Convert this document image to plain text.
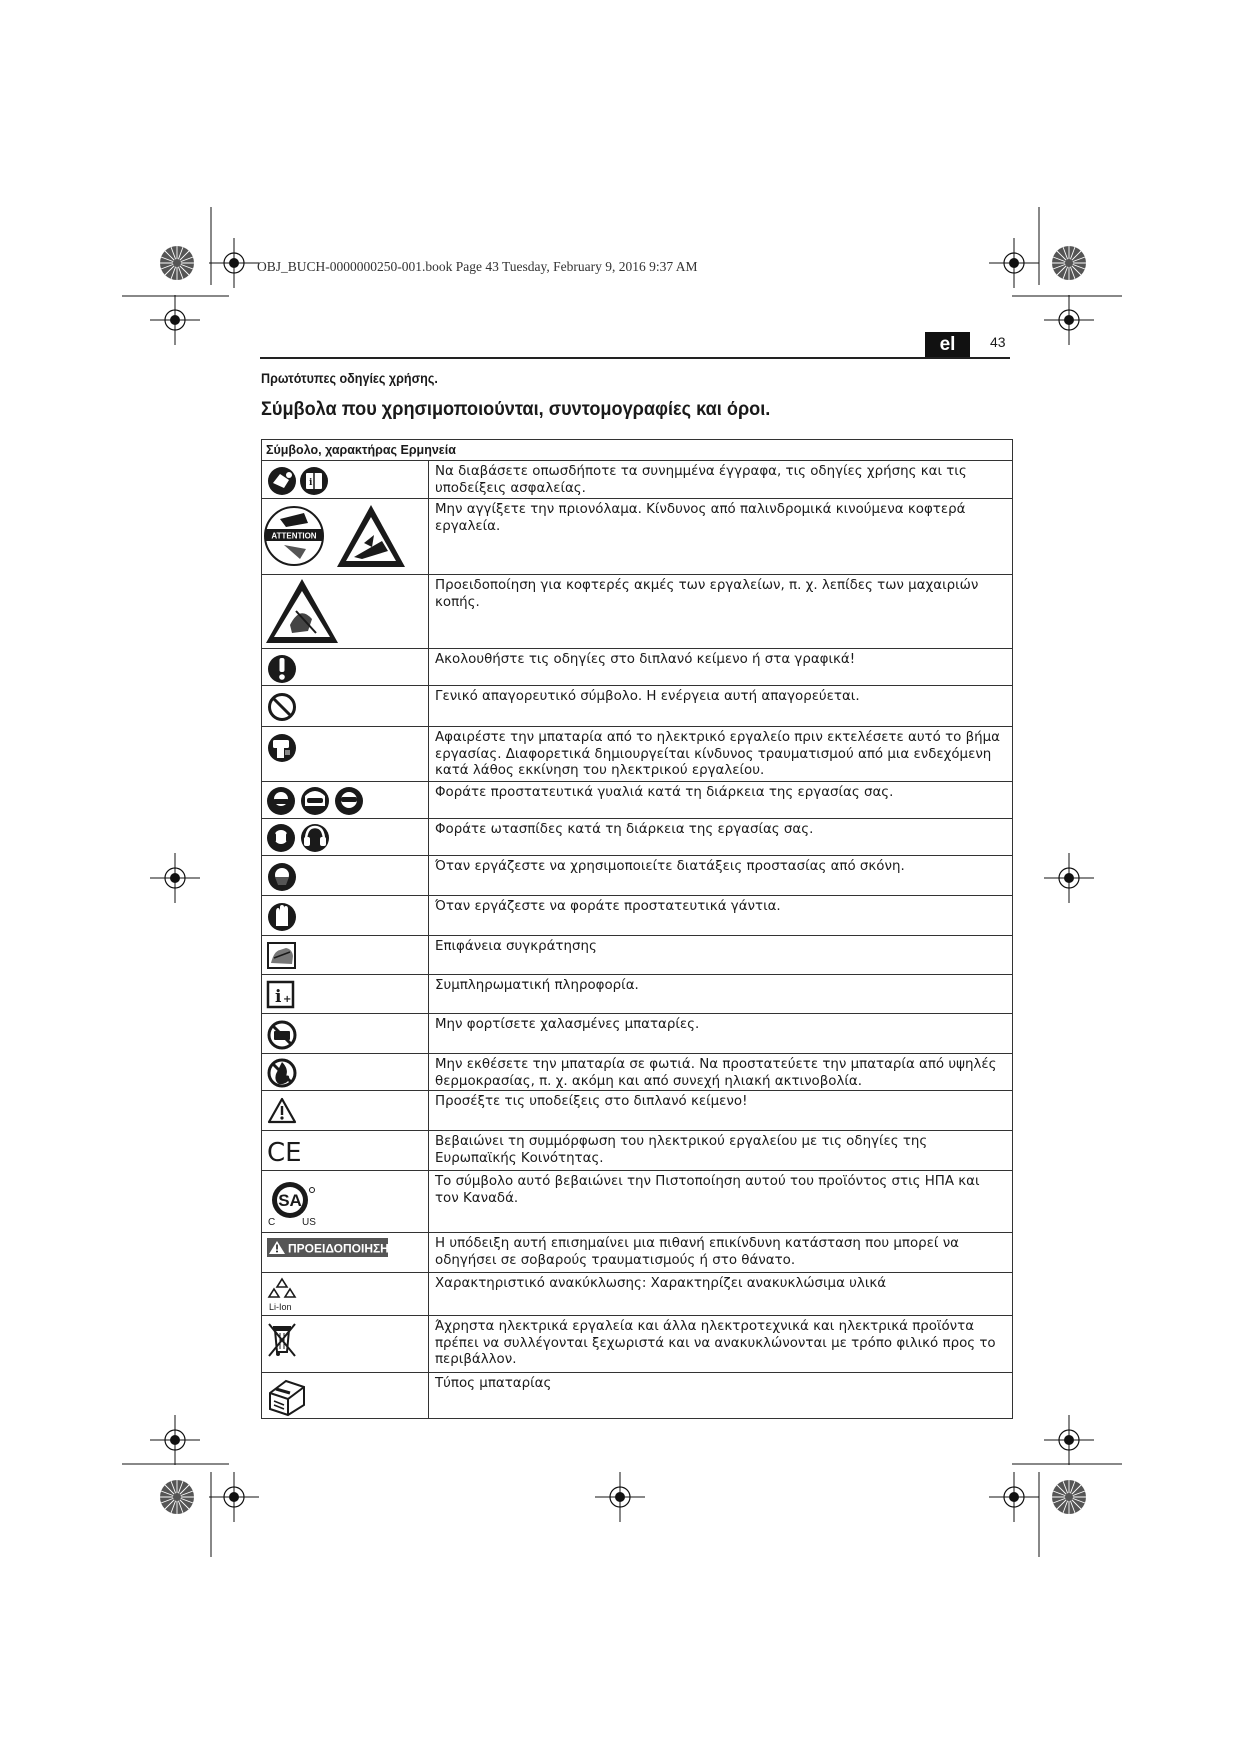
OBJ_BUCH-0000000250-001.book Page 43 Tuesday, February 9, 2016 9:37 AM
el	43
Πρωτότυπες οδηγίες χρήσης.
Σύμβολα που χρησιμοποιούνται, συντομογραφίες και όροι.
Σύμβολο, χαρακτήρας Ερμηνεία	

i	Να διαβάσετε οπωσδήποτε τα συνημμένα έγγραφα, τις οδηγίες χρήσης και τις υποδείξεις ασφαλείας.

ATTENTION	Μην αγγίξετε την πριονόλαμα. Κίνδυνος από παλινδρομικά κινούμενα κοφτερά εργαλεία.

	Προειδοποίηση για κοφτερές ακμές των εργαλείων, π. χ. λεπίδες των μαχαιριών κοπής.

	Ακολουθήστε τις οδηγίες στο διπλανό κείμενο ή στα γραφικά!

	Γενικό απαγορευτικό σύμβολο. Η ενέργεια αυτή απαγορεύεται.

	Αφαιρέστε την μπαταρία από το ηλεκτρικό εργαλείο πριν εκτελέσετε αυτό το βήμα εργασίας. Διαφορετικά δημιουργείται κίνδυνος τραυματισμού από μια ενδεχόμενη κατά λάθος εκκίνηση του ηλεκτρικού εργαλείου.

	Φοράτε προστατευτικά γυαλιά κατά τη διάρκεια της εργασίας σας.

	Φοράτε ωτασπίδες κατά τη διάρκεια της εργασίας σας.

	Όταν εργάζεστε να χρησιμοποιείτε διατάξεις προστασίας από σκόνη.

	Όταν εργάζεστε να φοράτε προστατευτικά γάντια.

	Επιφάνεια συγκράτησης

i +	Συμπληρωματική πληροφορία.

	Μην φορτίσετε χαλασμένες μπαταρίες.

	Μην εκθέσετε την μπαταρία σε φωτιά. Να προστατεύετε την μπαταρία από υψηλές θερμοκρασίας, π. χ. ακόμη και από συνεχή ηλιακή ακτινοβολία.

	Προσέξτε τις υποδείξεις στο διπλανό κείμενο!

CE	Βεβαιώνει τη συμμόρφωση του ηλεκτρικού εργαλείου με τις οδηγίες της Ευρωπαϊκής Κοινότητας.

SA
C US	Το σύμβολο αυτό βεβαιώνει την Πιστοποίηση αυτού του προϊόντος στις ΗΠΑ και τον Καναδά.

ΠΡΟΕΙΔΟΠΟΙΗΣΗ	Η υπόδειξη αυτή επισημαίνει μια πιθανή επικίνδυνη κατάσταση που μπορεί να οδηγήσει σε σοβαρούς τραυματισμούς ή στο θάνατο.

Li-Ion	Χαρακτηριστικό ανακύκλωσης: Χαρακτηρίζει ανακυκλώσιμα υλικά

	Άχρηστα ηλεκτρικά εργαλεία και άλλα ηλεκτροτεχνικά και ηλεκτρικά προϊόντα πρέπει να συλλέγονται ξεχωριστά και να ανακυκλώνονται με τρόπο φιλικό προς το περιβάλλον.

	Τύπος μπαταρίας
